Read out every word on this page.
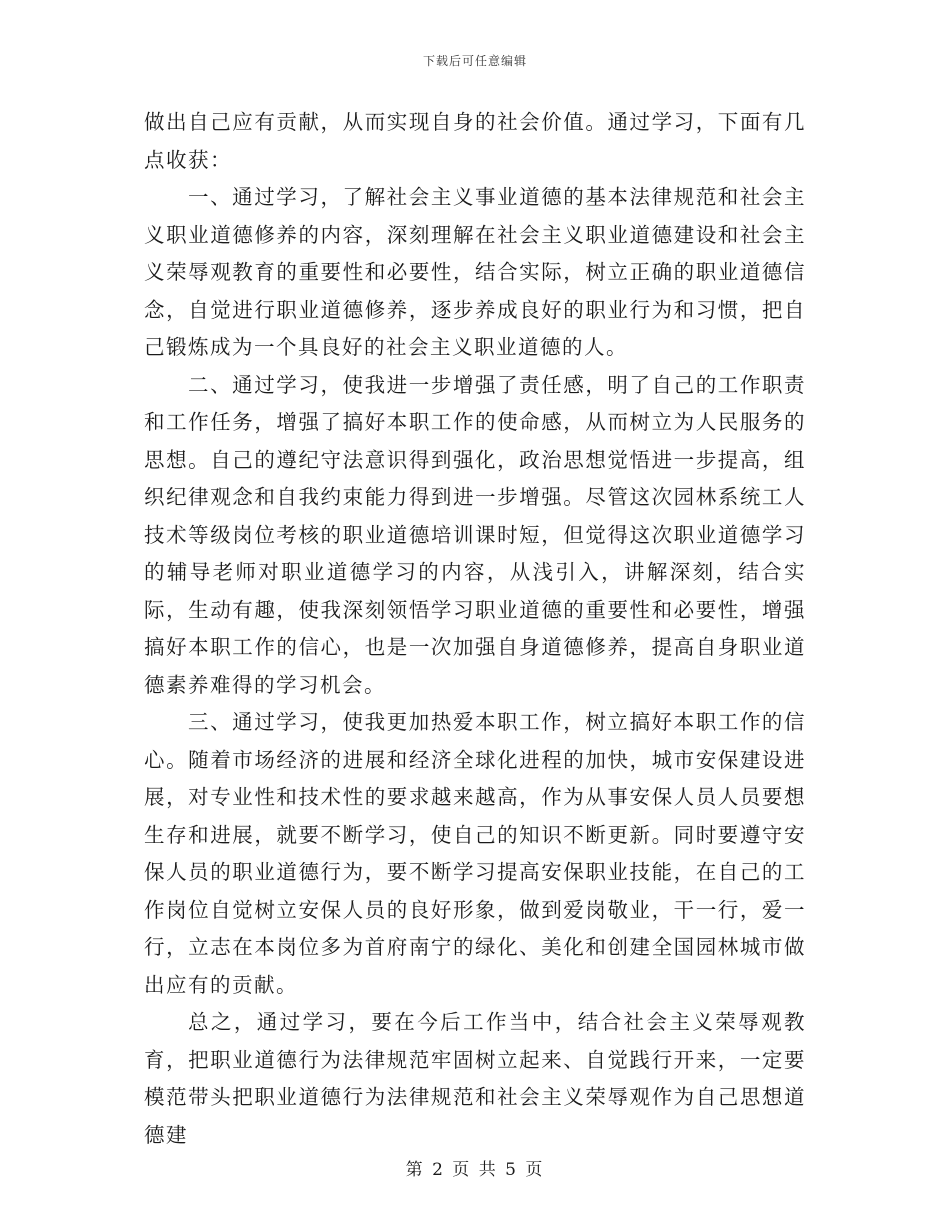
下载后可任意编辑

做出自己应有贡献，从而实现自身的社会价值。通过学习，下面有几点收获：

一、通过学习，了解社会主义事业道德的基本法律规范和社会主义职业道德修养的内容，深刻理解在社会主义职业道德建设和社会主义荣辱观教育的重要性和必要性，结合实际，树立正确的职业道德信念，自觉进行职业道德修养，逐步养成良好的职业行为和习惯，把自己锻炼成为一个具良好的社会主义职业道德的人。

二、通过学习，使我进一步增强了责任感，明了自己的工作职责和工作任务，增强了搞好本职工作的使命感，从而树立为人民服务的思想。自己的遵纪守法意识得到强化，政治思想觉悟进一步提高，组织纪律观念和自我约束能力得到进一步增强。尽管这次园林系统工人技术等级岗位考核的职业道德培训课时短，但觉得这次职业道德学习的辅导老师对职业道德学习的内容，从浅引入，讲解深刻，结合实际，生动有趣，使我深刻领悟学习职业道德的重要性和必要性，增强搞好本职工作的信心，也是一次加强自身道德修养，提高自身职业道德素养难得的学习机会。

三、通过学习，使我更加热爱本职工作，树立搞好本职工作的信心。随着市场经济的进展和经济全球化进程的加快，城市安保建设进展，对专业性和技术性的要求越来越高，作为从事安保人员人员要想生存和进展，就要不断学习，使自己的知识不断更新。同时要遵守安保人员的职业道德行为，要不断学习提高安保职业技能，在自己的工作岗位自觉树立安保人员的良好形象，做到爱岗敬业，干一行，爱一行，立志在本岗位多为首府南宁的绿化、美化和创建全国园林城市做出应有的贡献。

总之，通过学习，要在今后工作当中，结合社会主义荣辱观教育，把职业道德行为法律规范牢固树立起来、自觉践行开来，一定要模范带头把职业道德行为法律规范和社会主义荣辱观作为自己思想道德建

第 2 页 共 5 页
